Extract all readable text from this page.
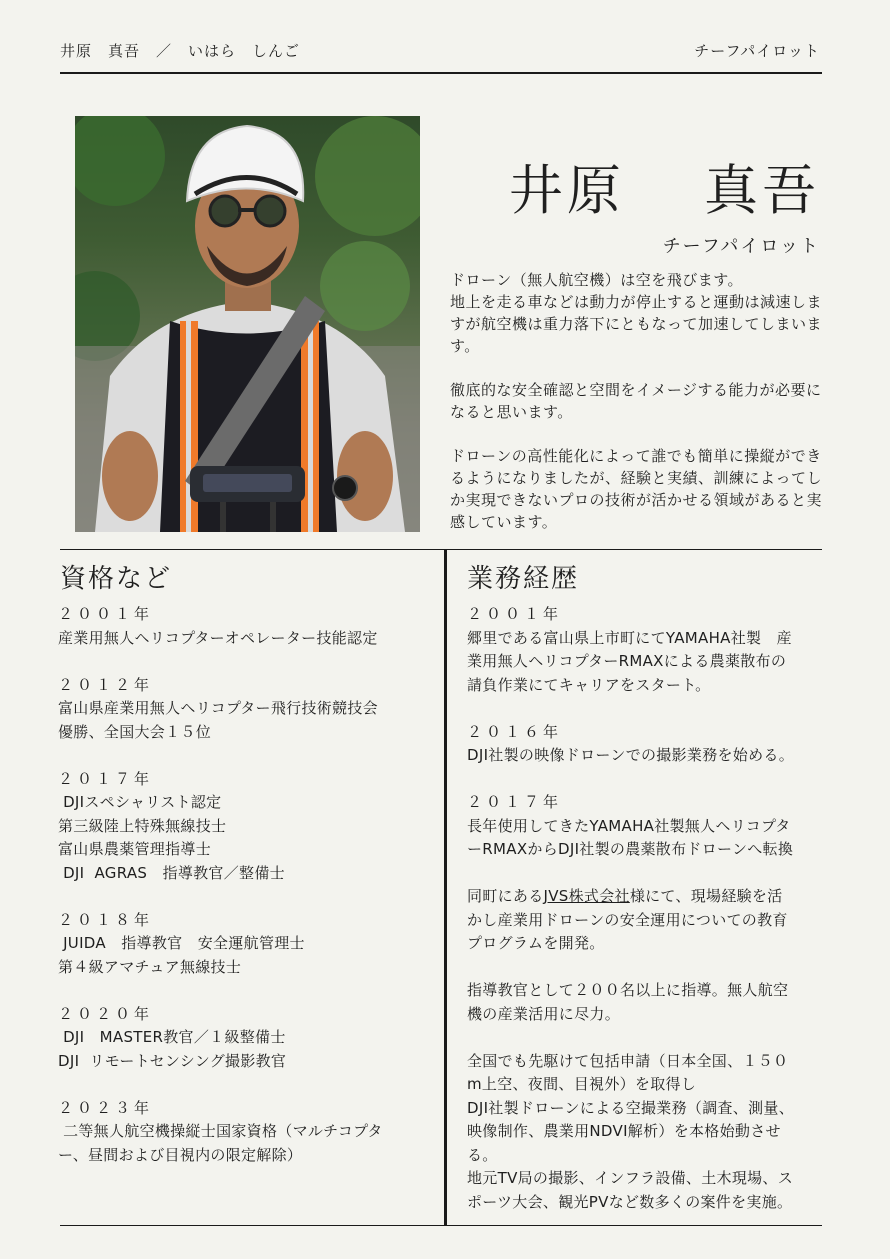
井原　真吾　／　いはら　しんご	チーフパイロット
井原　 真吾
チーフパイロット

ドローン（無人航空機）は空を飛びます。
地上を走る車などは動力が停止すると運動は減速しますが航空機は重力落下にともなって加速してしまいます。

徹底的な安全確認と空間をイメージする能力が必要になると思います。

ドローンの高性能化によって誰でも簡単に操縦ができるようになりましたが、経験と実績、訓練によってしか実現できないプロの技術が活かせる領域があると実感しています。

資格など	業務経歴
２００１年
産業用無人ヘリコプターオペレーター技能認定
２０１２年
富山県産業用無人ヘリコプター飛行技術競技会
優勝、全国大会１５位
２０１７年
DJIスペシャリスト認定
第三級陸上特殊無線技士
富山県農薬管理指導士
DJI  AGRAS　指導教官／整備士
２０１８年
JUIDA　指導教官　安全運航管理士
第４級アマチュア無線技士
２０２０年
DJI　MASTER教官／１級整備士
DJI  リモートセンシング撮影教官
２０２３年
二等無人航空機操縦士国家資格（マルチコプタ
ー、昼間および目視内の限定解除）
２００１年
郷里である富山県上市町にてYAMAHA社製　産
業用無人ヘリコプターRMAXによる農薬散布の
請負作業にてキャリアをスタート。
２０１６年
DJI社製の映像ドローンでの撮影業務を始める。
２０１７年
長年使用してきたYAMAHA社製無人ヘリコプタ
ーRMAXからDJI社製の農薬散布ドローンへ転換
同町にあるJVS株式会社様にて、現場経験を活
かし産業用ドローンの安全運用についての教育
プログラムを開発。
指導教官として２００名以上に指導。無人航空
機の産業活用に尽力。
全国でも先駆けて包括申請（日本全国、１５０
m上空、夜間、目視外）を取得し
DJI社製ドローンによる空撮業務（調査、測量、
映像制作、農業用NDVI解析）を本格始動させ
る。
地元TV局の撮影、インフラ設備、土木現場、ス
ポーツ大会、観光PVなど数多くの案件を実施。
